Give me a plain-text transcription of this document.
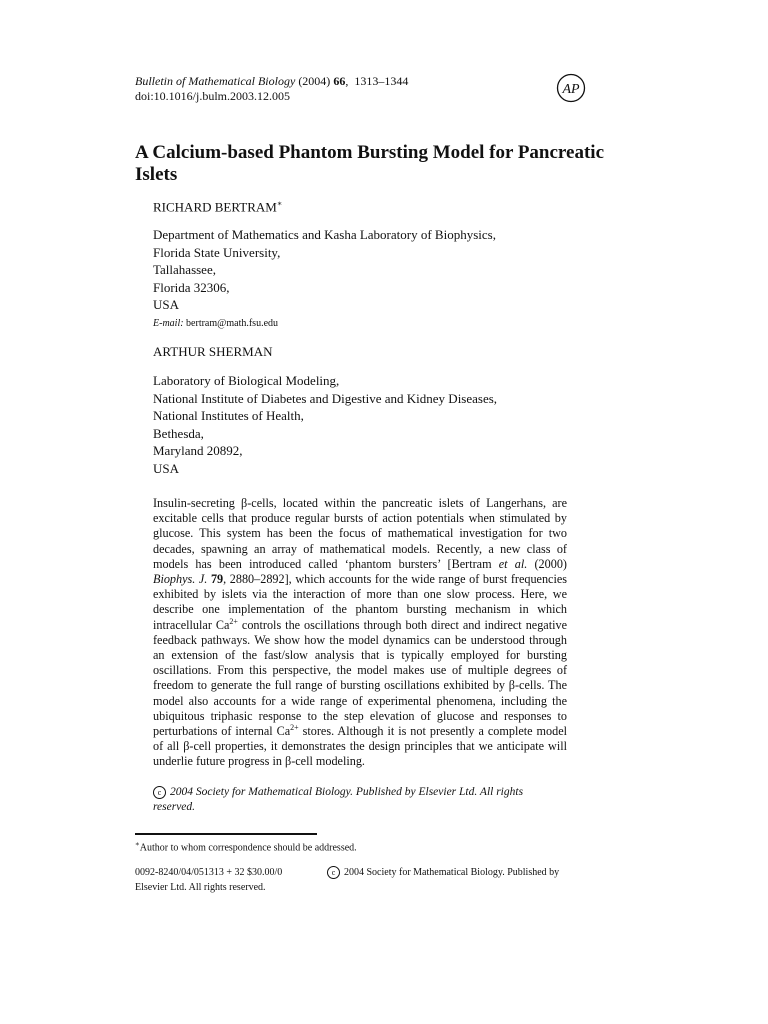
Bulletin of Mathematical Biology (2004) 66, 1313–1344
doi:10.1016/j.bulm.2003.12.005	AP
A Calcium-based Phantom Bursting Model for Pancreatic Islets
RICHARD BERTRAM∗
Department of Mathematics and Kasha Laboratory of Biophysics,
Florida State University,
Tallahassee,
Florida 32306,
USA
E-mail: bertram@math.fsu.edu
ARTHUR SHERMAN
Laboratory of Biological Modeling,
National Institute of Diabetes and Digestive and Kidney Diseases,
National Institutes of Health,
Bethesda,
Maryland 20892,
USA

Insulin-secreting β-cells, located within the pancreatic islets of Langerhans, are excitable cells that produce regular bursts of action potentials when stimulated by glucose. This system has been the focus of mathematical investigation for two decades, spawning an array of mathematical models. Recently, a new class of models has been introduced called ‘phantom bursters’ [Bertram et al. (2000) Biophys. J. 79, 2880–2892], which accounts for the wide range of burst frequencies exhibited by islets via the interaction of more than one slow process. Here, we describe one implementation of the phantom bursting mechanism in which intracellular $Ca^{2+}$ controls the oscillations through both direct and indirect negative feedback pathways. We show how the model dynamics can be understood through an extension of the fast/slow analysis that is typically employed for bursting oscillations. From this perspective, the model makes use of multiple degrees of freedom to generate the full range of bursting oscillations exhibited by β-cells. The model also accounts for a wide range of experimental phenomena, including the ubiquitous triphasic response to the step elevation of glucose and responses to perturbations of internal $Ca^{2+}$ stores. Although it is not presently a complete model of all β-cell properties, it demonstrates the design principles that we anticipate will underlie future progress in β-cell modeling.

c 2004 Society for Mathematical Biology. Published by Elsevier Ltd. All rights reserved.

∗Author to whom correspondence should be addressed.
0092-8240/04/051313 + 32 $30.00/0	c 2004 Society for Mathematical Biology. Published by
Elsevier Ltd. All rights reserved.
